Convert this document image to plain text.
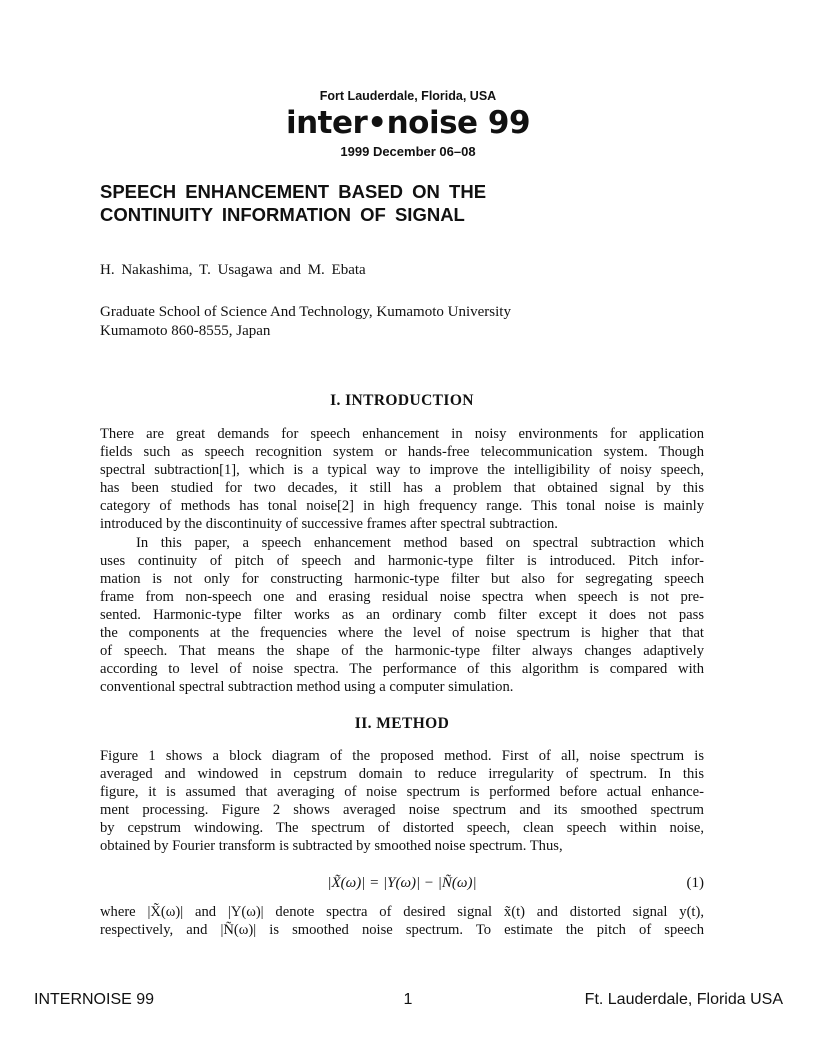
Fort Lauderdale, Florida, USA
inter•noise 99
1999 December 06–08
SPEECH ENHANCEMENT BASED ON THE
CONTINUITY INFORMATION OF SIGNAL
H. Nakashima, T. Usagawa and M. Ebata
Graduate School of Science And Technology, Kumamoto University
Kumamoto 860-8555, Japan
I. INTRODUCTION
There are great demands for speech enhancement in noisy environments for application
fields such as speech recognition system or hands-free telecommunication system. Though
spectral subtraction[1], which is a typical way to improve the intelligibility of noisy speech,
has been studied for two decades, it still has a problem that obtained signal by this
category of methods has tonal noise[2] in high frequency range. This tonal noise is mainly
introduced by the discontinuity of successive frames after spectral subtraction.
In this paper, a speech enhancement method based on spectral subtraction which
uses continuity of pitch of speech and harmonic-type filter is introduced. Pitch infor-
mation is not only for constructing harmonic-type filter but also for segregating speech
frame from non-speech one and erasing residual noise spectra when speech is not pre-
sented. Harmonic-type filter works as an ordinary comb filter except it does not pass
the components at the frequencies where the level of noise spectrum is higher that that
of speech. That means the shape of the harmonic-type filter always changes adaptively
according to level of noise spectra. The performance of this algorithm is compared with
conventional spectral subtraction method using a computer simulation.
II. METHOD
Figure 1 shows a block diagram of the proposed method. First of all, noise spectrum is
averaged and windowed in cepstrum domain to reduce irregularity of spectrum. In this
figure, it is assumed that averaging of noise spectrum is performed before actual enhance-
ment processing. Figure 2 shows averaged noise spectrum and its smoothed spectrum
by cepstrum windowing. The spectrum of distorted speech, clean speech within noise,
obtained by Fourier transform is subtracted by smoothed noise spectrum. Thus,
|X̃(ω)| = |Y(ω)| − |Ñ(ω)|	(1)
where |X̃(ω)| and |Y(ω)| denote spectra of desired signal x̃(t) and distorted signal y(t),
respectively, and |Ñ(ω)| is smoothed noise spectrum. To estimate the pitch of speech
INTERNOISE 99	1	Ft. Lauderdale, Florida USA
